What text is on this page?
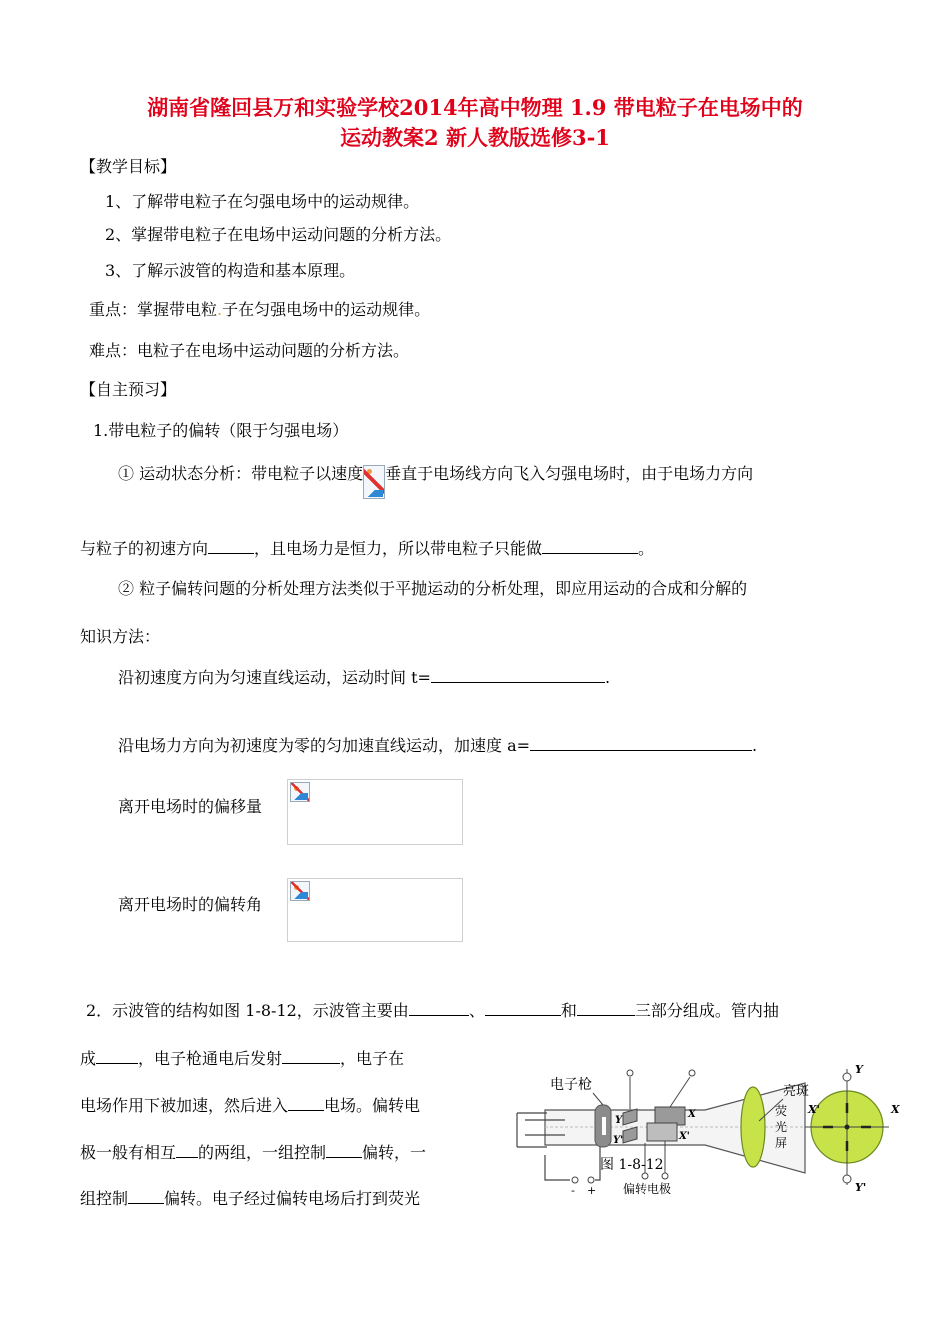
湖南省隆回县万和实验学校2014年高中物理 1.9 带电粒子在电场中的
运动教案2 新人教版选修3-1
【教学目标】
1、了解带电粒子在匀强电场中的运动规律。
2、掌握带电粒子在电场中运动问题的分析方法。
3、了解示波管的构造和基本原理。
重点：掌握带电粒.子在匀强电场中的运动规律。
难点：电粒子在电场中运动问题的分析方法。
【自主预习】
1.带电粒子的偏转（限于匀强电场）
① 运动状态分析：带电粒子以速度 垂直于电场线方向飞入匀强电场时，由于电场力方向
与粒子的初速方向	，且电场力是恒力，所以带电粒子只能做	。
② 粒子偏转问题的分析处理方法类似于平抛运动的分析处理，即应用运动的合成和分解的
知识方法：
沿初速度方向为匀速直线运动，运动时间 t=	.
沿电场力方向为初速度为零的匀加速直线运动，加速度 a=	.
离开电场时的偏移量
离开电场时的偏转角
2．示波管的结构如图 1-8-12，示波管主要由	、	和	三部分组成。管内抽
成	，电子枪通电后发射	，电子在
电场作用下被加速，然后进入 电场。偏转电
极一般有相互 的两组，一组控制 偏转，一
组控制 偏转。电子经过偏转电场后打到荧光	- +
电子枪
Y
Y'
X
X'
偏转电极
图 1-8-12
亮斑
荧
光
屏
Y
Y'
X
X'
